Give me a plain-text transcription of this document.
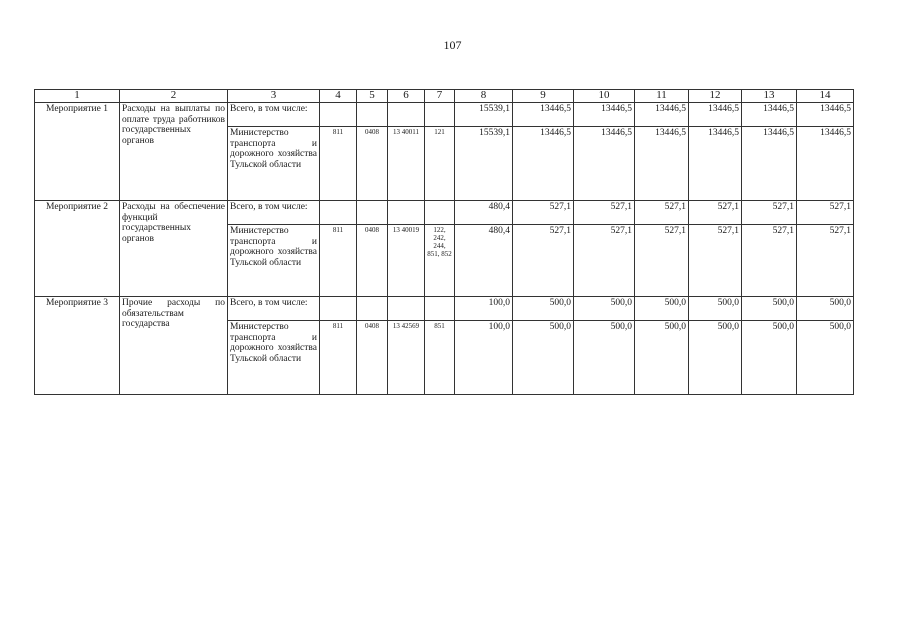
107
1	2	3	4	5	6	7	8	9	10	11	12	13	14
Мероприятие 1	Расходы на выплаты по оплате труда работников государственных органов	Всего, в том числе:					15539,1	13446,5	13446,5	13446,5	13446,5	13446,5	13446,5
		Министерство транспорта и дорожного хозяйства Тульской области	811	0408	13 40011	121	15539,1	13446,5	13446,5	13446,5	13446,5	13446,5	13446,5
Мероприятие 2	Расходы на обеспечение функций государственных органов	Всего, в том числе:					480,4	527,1	527,1	527,1	527,1	527,1	527,1
		Министерство транспорта и дорожного хозяйства Тульской области	811	0408	13 40019	122, 242, 244, 851, 852	480,4	527,1	527,1	527,1	527,1	527,1	527,1
Мероприятие 3	Прочие расходы по обязательствам государства	Всего, в том числе:					100,0	500,0	500,0	500,0	500,0	500,0	500,0
		Министерство транспорта и дорожного хозяйства Тульской области	811	0408	13 42569	851	100,0	500,0	500,0	500,0	500,0	500,0	500,0
